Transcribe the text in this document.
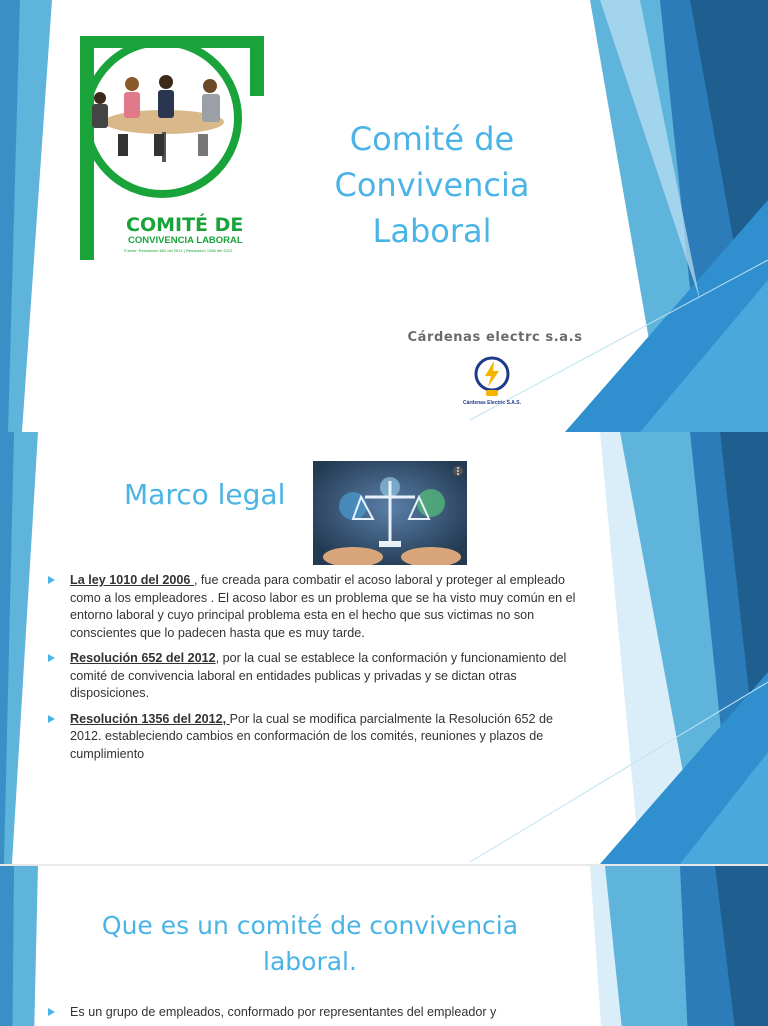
COMITÉ DE
CONVIVENCIA LABORAL
Fuente: Resolución 652 del 2012 | Resolución 1356 del 2012
Comité de
Convivencia
Laboral
Cárdenas electrc s.a.s
Cárdenas Electric S.A.S.
Marco legal
La ley 1010 del 2006 , fue creada para combatir el acoso laboral y proteger al empleado como a los empleadores . El acoso labor es un problema que se ha visto muy común en el entorno laboral y cuyo principal problema esta en el hecho que sus victimas no son conscientes que lo padecen hasta que es muy tarde.
Resolución 652 del 2012, por la cual se establece la conformación y funcionamiento del comité de convivencia laboral en entidades publicas y privadas y se dictan otras disposiciones.
Resolución 1356 del 2012, Por la cual se modifica parcialmente la Resolución 652 de 2012. estableciendo cambios en conformación de los comités, reuniones y plazos de cumplimiento
Que es un comité de convivencia
laboral.
Es un grupo de empleados, conformado por representantes del empleador y
